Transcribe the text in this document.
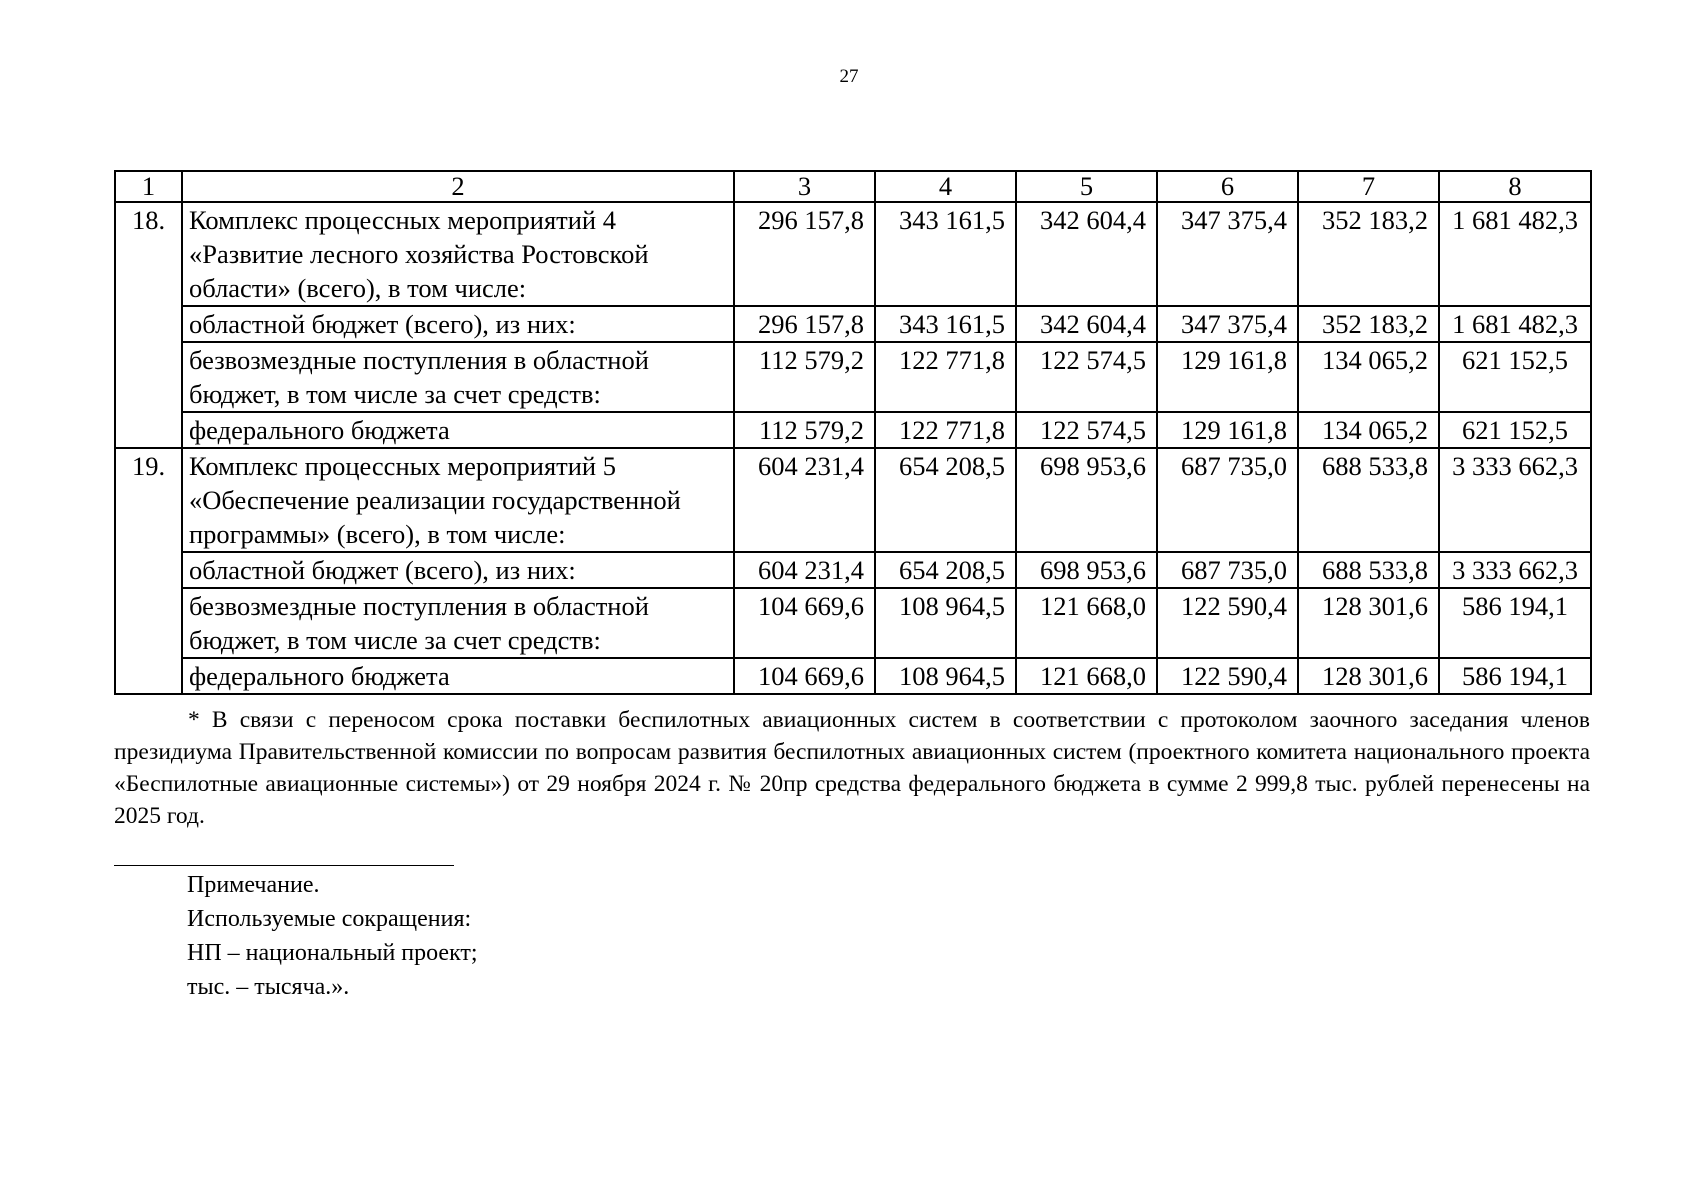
27
1	2	3	4	5	6	7	8
18.	Комплекс процессных мероприятий 4 «Развитие лесного хозяйства Ростовской области» (всего), в том числе:	296 157,8	343 161,5	342 604,4	347 375,4	352 183,2	1 681 482,3
	областной бюджет (всего), из них:	296 157,8	343 161,5	342 604,4	347 375,4	352 183,2	1 681 482,3
	безвозмездные поступления в областной бюджет, в том числе за счет средств:	112 579,2	122 771,8	122 574,5	129 161,8	134 065,2	621 152,5
	федерального бюджета	112 579,2	122 771,8	122 574,5	129 161,8	134 065,2	621 152,5
19.	Комплекс процессных мероприятий 5 «Обеспечение реализации государственной программы» (всего), в том числе:	604 231,4	654 208,5	698 953,6	687 735,0	688 533,8	3 333 662,3
	областной бюджет (всего), из них:	604 231,4	654 208,5	698 953,6	687 735,0	688 533,8	3 333 662,3
	безвозмездные поступления в областной бюджет, в том числе за счет средств:	104 669,6	108 964,5	121 668,0	122 590,4	128 301,6	586 194,1
	федерального бюджета	104 669,6	108 964,5	121 668,0	122 590,4	128 301,6	586 194,1
* В связи с переносом срока поставки беспилотных авиационных систем в соответствии с протоколом заочного заседания членов президиума Правительственной комиссии по вопросам развития беспилотных авиационных систем (проектного комитета национального проекта «Беспилотные авиационные системы») от 29 ноября 2024 г. № 20пр средства федерального бюджета в сумме 2 999,8 тыс. рублей перенесены на 2025 год.
Примечание.
Используемые сокращения:
НП – национальный проект;
тыс. – тысяча.».
